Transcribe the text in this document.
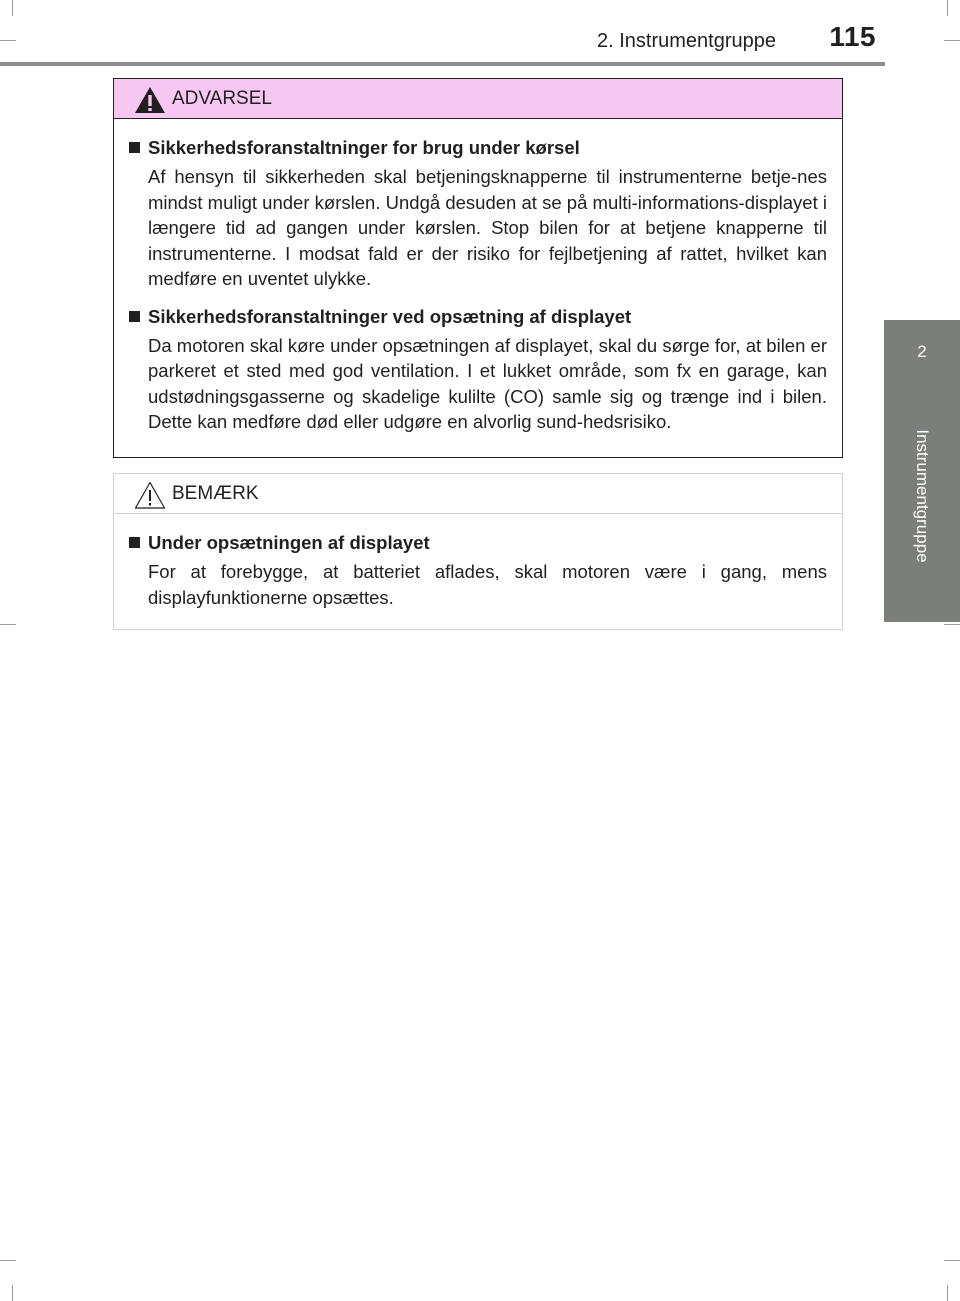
2. Instrumentgruppe	115
2
Instrumentgruppe
ADVARSEL
Sikkerhedsforanstaltninger for brug under kørsel
Af hensyn til sikkerheden skal betjeningsknapperne til instrumenterne betje-nes mindst muligt under kørslen. Undgå desuden at se på multi-informations-displayet i længere tid ad gangen under kørslen. Stop bilen for at betjene knapperne til instrumenterne. I modsat fald er der risiko for fejlbetjening af rattet, hvilket kan medføre en uventet ulykke.
Sikkerhedsforanstaltninger ved opsætning af displayet
Da motoren skal køre under opsætningen af displayet, skal du sørge for, at bilen er parkeret et sted med god ventilation. I et lukket område, som fx en garage, kan udstødningsgasserne og skadelige kulilte (CO) samle sig og trænge ind i bilen. Dette kan medføre død eller udgøre en alvorlig sund-hedsrisiko.
BEMÆRK
Under opsætningen af displayet
For at forebygge, at batteriet aflades, skal motoren være i gang, mens displayfunktionerne opsættes.
